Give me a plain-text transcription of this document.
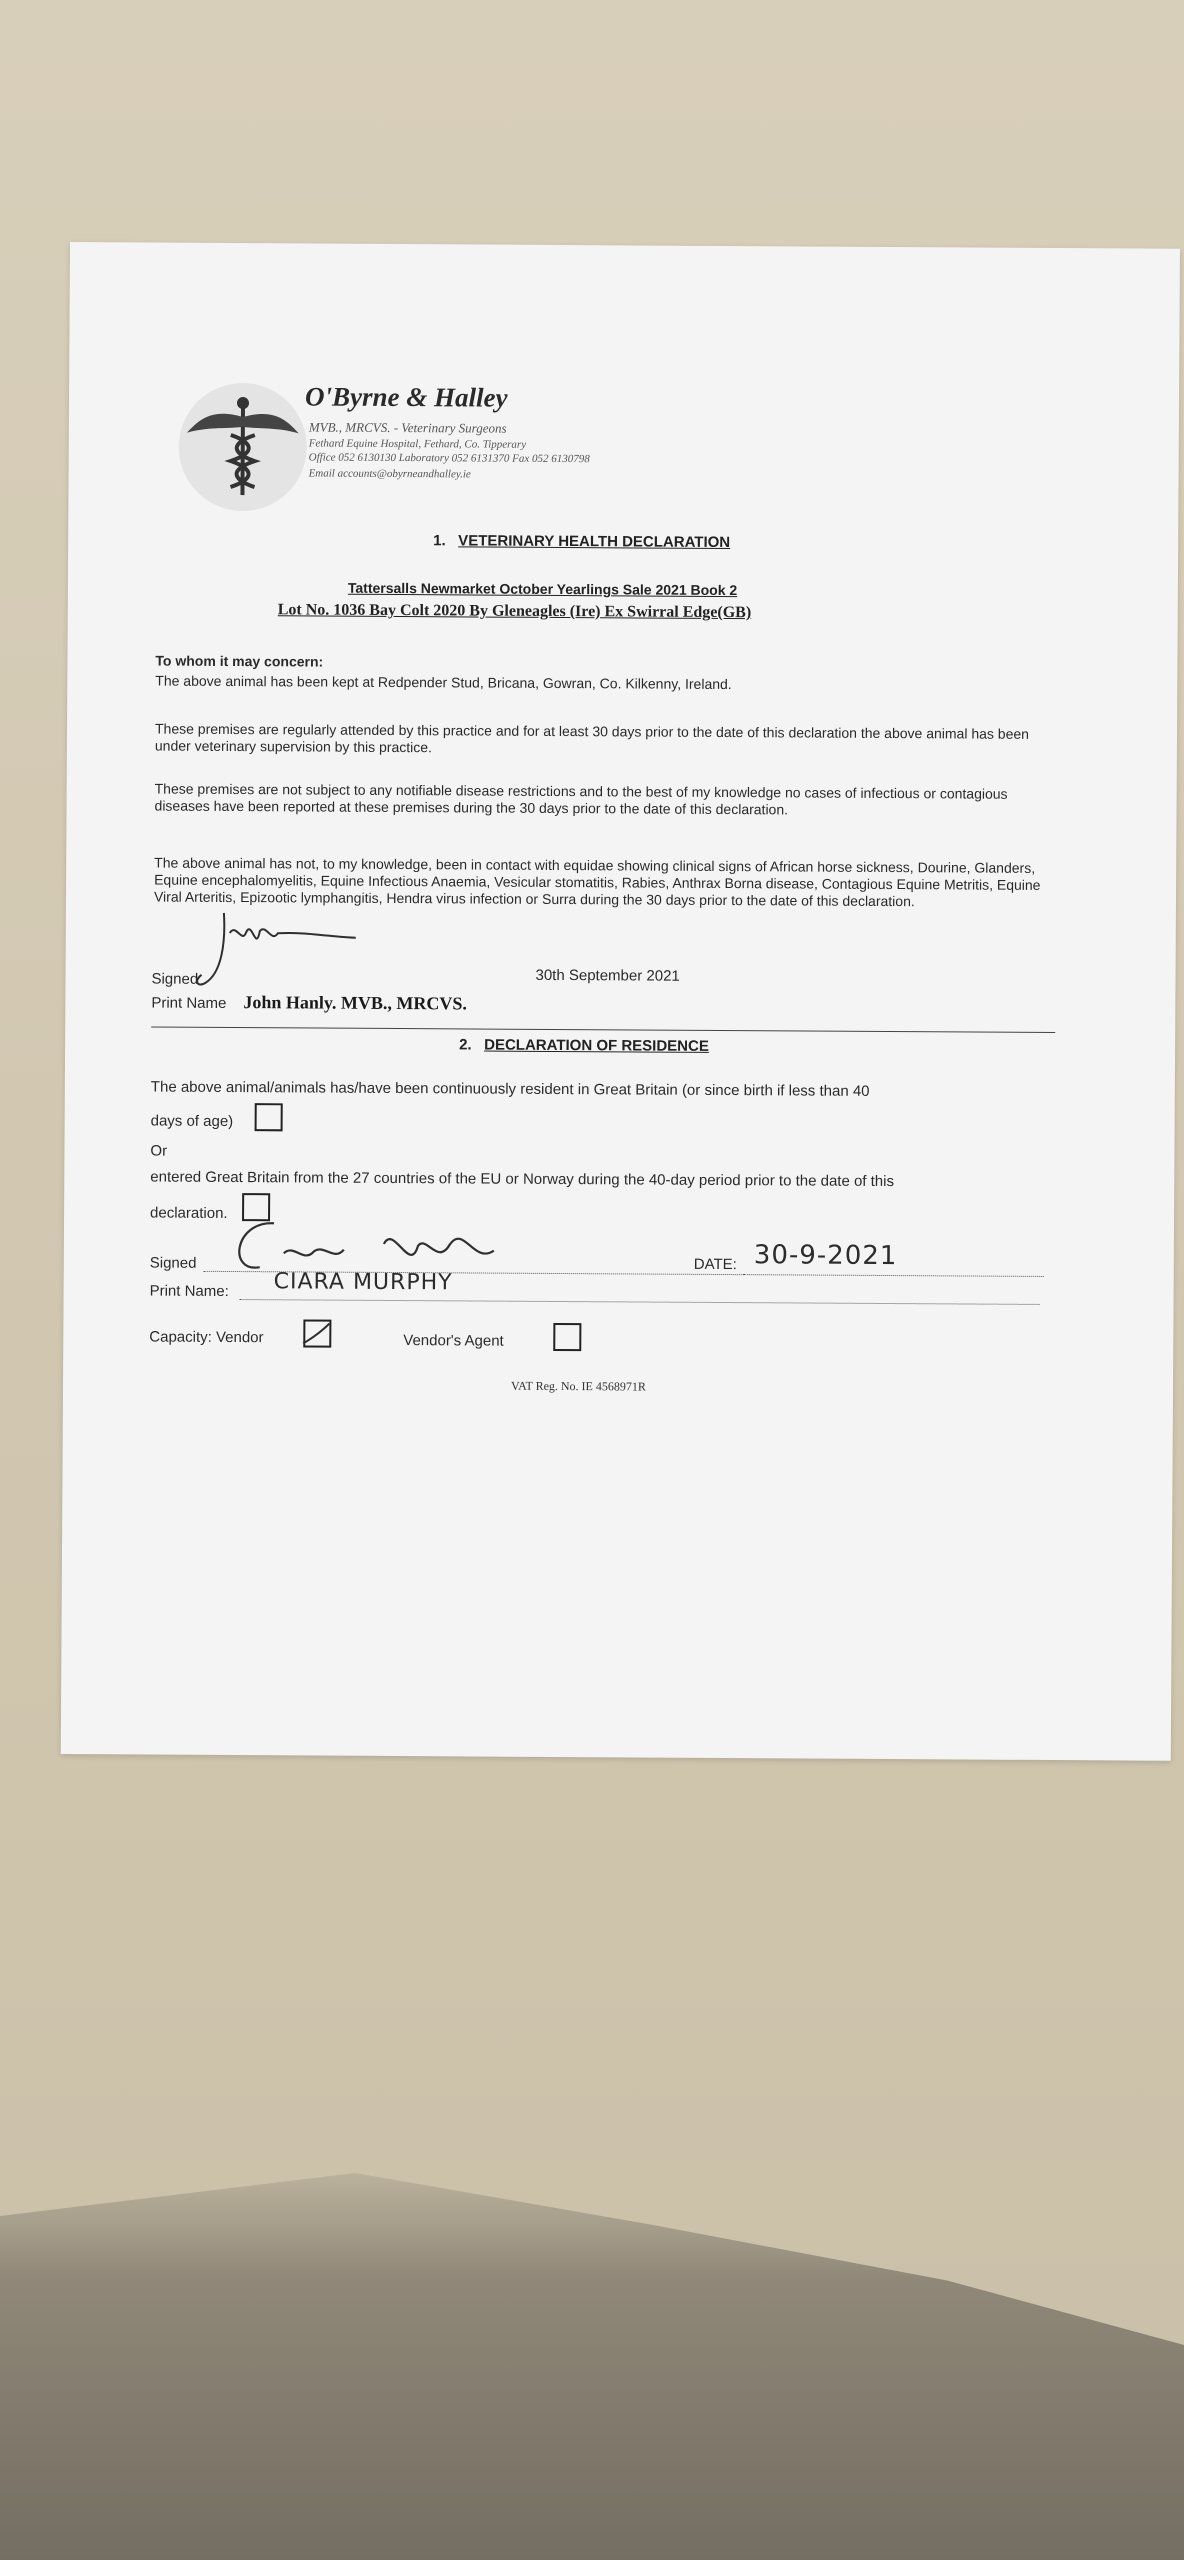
O'Byrne & Halley
MVB., MRCVS. - Veterinary Surgeons
Fethard Equine Hospital, Fethard, Co. Tipperary
Office 052 6130130 Laboratory 052 6131370 Fax 052 6130798
Email accounts@obyrneandhalley.ie
1. VETERINARY HEALTH DECLARATION
Tattersalls Newmarket October Yearlings Sale 2021 Book 2
Lot No. 1036 Bay Colt 2020 By Gleneagles (Ire) Ex Swirral Edge(GB)
To whom it may concern:
The above animal has been kept at Redpender Stud, Bricana, Gowran, Co. Kilkenny, Ireland.
These premises are regularly attended by this practice and for at least 30 days prior to the date of this declaration the above animal has been under veterinary supervision by this practice.
These premises are not subject to any notifiable disease restrictions and to the best of my knowledge no cases of infectious or contagious diseases have been reported at these premises during the 30 days prior to the date of this declaration.
The above animal has not, to my knowledge, been in contact with equidae showing clinical signs of African horse sickness, Dourine, Glanders, Equine encephalomyelitis, Equine Infectious Anaemia, Vesicular stomatitis, Rabies, Anthrax Borna disease, Contagious Equine Metritis, Equine Viral Arteritis, Epizootic lymphangitis, Hendra virus infection or Surra during the 30 days prior to the date of this declaration.
Signed	30th September 2021
Print Name John Hanly. MVB., MRCVS.
2. DECLARATION OF RESIDENCE
The above animal/animals has/have been continuously resident in Great Britain (or since birth if less than 40
days of age)
Or
entered Great Britain from the 27 countries of the EU or Norway during the 40-day period prior to the date of this
declaration.
Signed	DATE: 30-9-2021
Print Name: CIARA MURPHY
Capacity: Vendor	Vendor's Agent
VAT Reg. No. IE 4568971R
